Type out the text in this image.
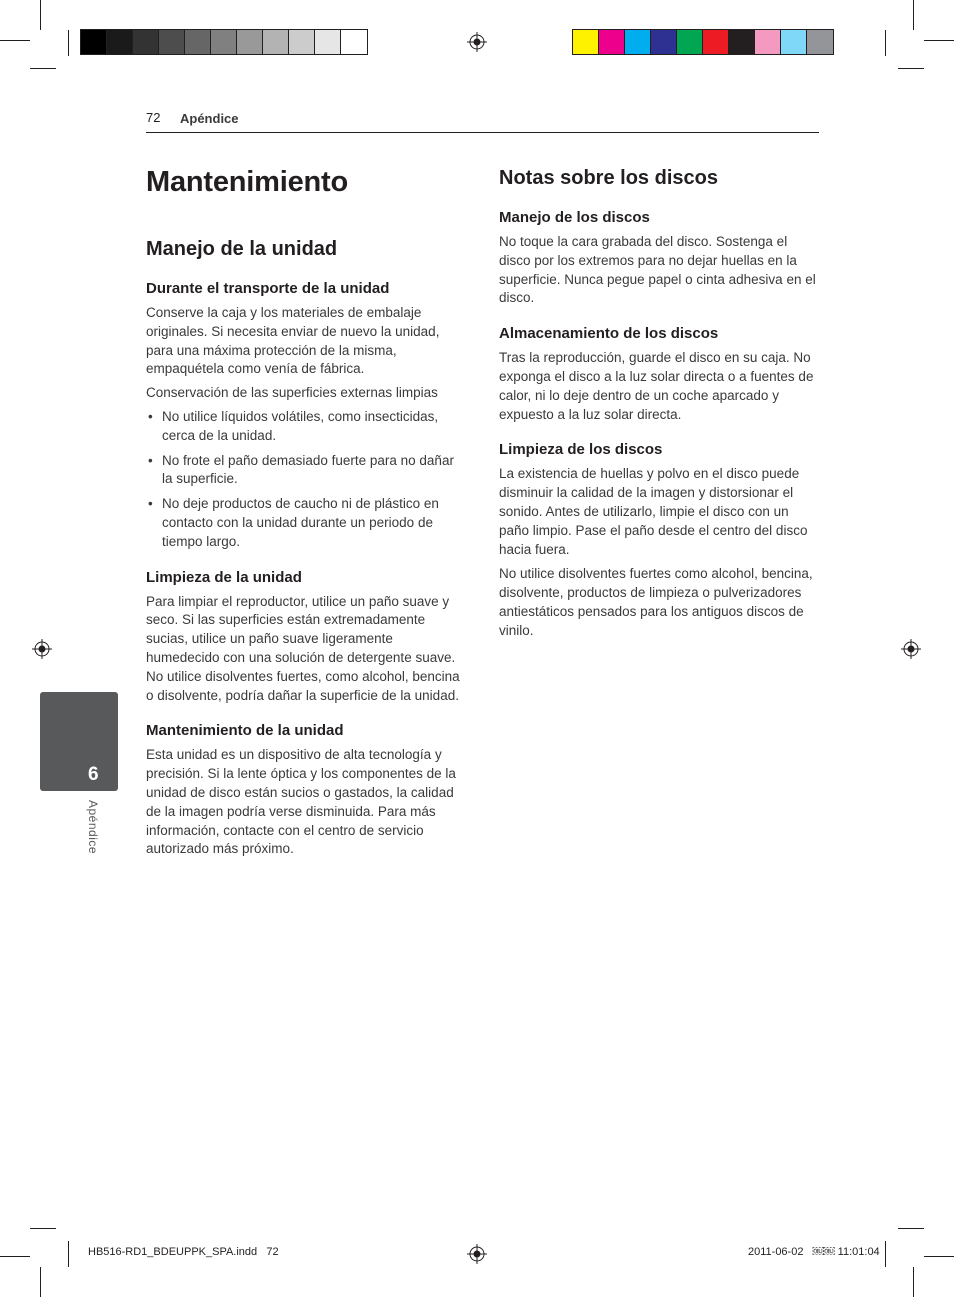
72 Apéndice
Mantenimiento
Manejo de la unidad
Durante el transporte de la unidad

Conserve la caja y los materiales de embalaje originales. Si necesita enviar de nuevo la unidad, para una máxima protección de la misma, empaquétela como venía de fábrica.

Conservación de las superficies externas limpias

• No utilice líquidos volátiles, como insecticidas, cerca de la unidad.
• No frote el paño demasiado fuerte para no dañar la superficie.
• No deje productos de caucho ni de plástico en contacto con la unidad durante un periodo de tiempo largo.
Limpieza de la unidad

Para limpiar el reproductor, utilice un paño suave y seco. Si las superficies están extremadamente sucias, utilice un paño suave ligeramente humedecido con una solución de detergente suave. No utilice disolventes fuertes, como alcohol, bencina o disolvente, podría dañar la superficie de la unidad.

Mantenimiento de la unidad

Esta unidad es un dispositivo de alta tecnología y precisión. Si la lente óptica y los componentes de la unidad de disco están sucios o gastados, la calidad de la imagen podría verse disminuida. Para más información, contacte con el centro de servicio autorizado más próximo.

Notas sobre los discos
Manejo de los discos

No toque la cara grabada del disco. Sostenga el disco por los extremos para no dejar huellas en la superficie. Nunca pegue papel o cinta adhesiva en el disco.

Almacenamiento de los discos

Tras la reproducción, guarde el disco en su caja. No exponga el disco a la luz solar directa o a fuentes de calor, ni lo deje dentro de un coche aparcado y expuesto a la luz solar directa.

Limpieza de los discos

La existencia de huellas y polvo en el disco puede disminuir la calidad de la imagen y distorsionar el sonido. Antes de utilizarlo, limpie el disco con un paño limpio. Pase el paño desde el centro del disco hacia fuera.

No utilice disolventes fuertes como alcohol, bencina, disolvente, productos de limpieza o pulverizadores antiestáticos pensados para los antiguos discos de vinilo.

6
Apéndice
HB516-RD1_BDEUPPK_SPA.indd   72	2011-06-02   ￼￼ 11:01:04
